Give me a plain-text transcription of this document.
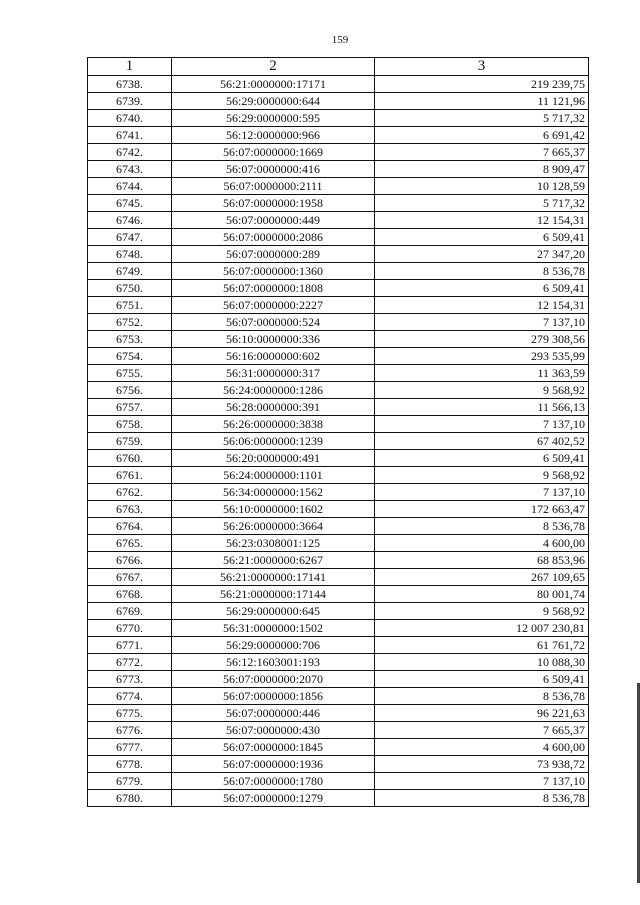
159
1	2	3
6738.	56:21:0000000:17171	219 239,75
6739.	56:29:0000000:644	11 121,96
6740.	56:29:0000000:595	5 717,32
6741.	56:12:0000000:966	6 691,42
6742.	56:07:0000000:1669	7 665,37
6743.	56:07:0000000:416	8 909,47
6744.	56:07:0000000:2111	10 128,59
6745.	56:07:0000000:1958	5 717,32
6746.	56:07:0000000:449	12 154,31
6747.	56:07:0000000:2086	6 509,41
6748.	56:07:0000000:289	27 347,20
6749.	56:07:0000000:1360	8 536,78
6750.	56:07:0000000:1808	6 509,41
6751.	56:07:0000000:2227	12 154,31
6752.	56:07:0000000:524	7 137,10
6753.	56:10:0000000:336	279 308,56
6754.	56:16:0000000:602	293 535,99
6755.	56:31:0000000:317	11 363,59
6756.	56:24:0000000:1286	9 568,92
6757.	56:28:0000000:391	11 566,13
6758.	56:26:0000000:3838	7 137,10
6759.	56:06:0000000:1239	67 402,52
6760.	56:20:0000000:491	6 509,41
6761.	56:24:0000000:1101	9 568,92
6762.	56:34:0000000:1562	7 137,10
6763.	56:10:0000000:1602	172 663,47
6764.	56:26:0000000:3664	8 536,78
6765.	56:23:0308001:125	4 600,00
6766.	56:21:0000000:6267	68 853,96
6767.	56:21:0000000:17141	267 109,65
6768.	56:21:0000000:17144	80 001,74
6769.	56:29:0000000:645	9 568,92
6770.	56:31:0000000:1502	12 007 230,81
6771.	56:29:0000000:706	61 761,72
6772.	56:12:1603001:193	10 088,30
6773.	56:07:0000000:2070	6 509,41
6774.	56:07:0000000:1856	8 536,78
6775.	56:07:0000000:446	96 221,63
6776.	56:07:0000000:430	7 665,37
6777.	56:07:0000000:1845	4 600,00
6778.	56:07:0000000:1936	73 938,72
6779.	56:07:0000000:1780	7 137,10
6780.	56:07:0000000:1279	8 536,78
